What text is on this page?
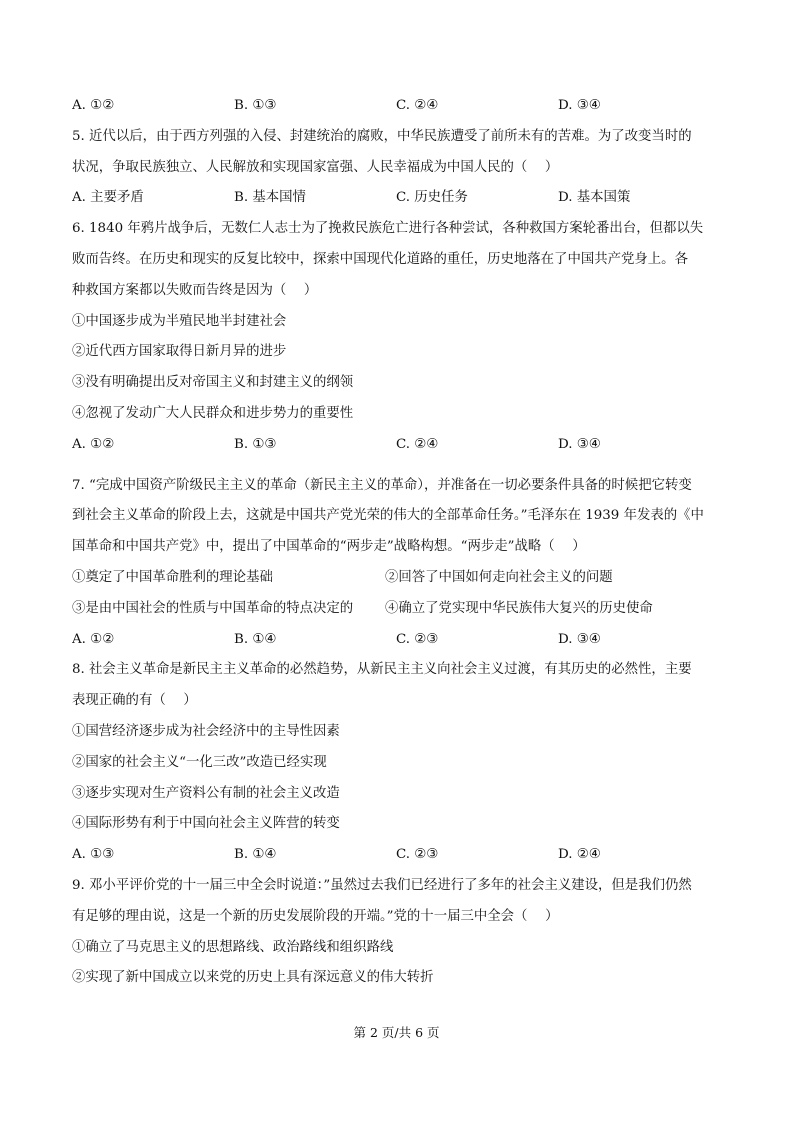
A. ①②	B. ①③	C. ②④	D. ③④
5. 近代以后，由于西方列强的入侵、封建统治的腐败，中华民族遭受了前所未有的苦难。为了改变当时的
状况，争取民族独立、人民解放和实现国家富强、人民幸福成为中国人民的（　 ）
A. 主要矛盾	B. 基本国情	C. 历史任务	D. 基本国策
6. 1840 年鸦片战争后，无数仁人志士为了挽救民族危亡进行各种尝试，各种救国方案轮番出台，但都以失
败而告终。在历史和现实的反复比较中，探索中国现代化道路的重任，历史地落在了中国共产党身上。各
种救国方案都以失败而告终是因为（　 ）
①中国逐步成为半殖民地半封建社会
②近代西方国家取得日新月异的进步
③没有明确提出反对帝国主义和封建主义的纲领
④忽视了发动广大人民群众和进步势力的重要性
A. ①②	B. ①③	C. ②④	D. ③④
7. “完成中国资产阶级民主主义的革命（新民主主义的革命），并准备在一切必要条件具备的时候把它转变
到社会主义革命的阶段上去，这就是中国共产党光荣的伟大的全部革命任务。”毛泽东在 1939 年发表的《中
国革命和中国共产党》中，提出了中国革命的“两步走”战略构想。“两步走”战略（　 ）
①奠定了中国革命胜利的理论基础	②回答了中国如何走向社会主义的问题
③是由中国社会的性质与中国革命的特点决定的	④确立了党实现中华民族伟大复兴的历史使命
A. ①②	B. ①④	C. ②③	D. ③④
8. 社会主义革命是新民主主义革命的必然趋势，从新民主主义向社会主义过渡，有其历史的必然性，主要
表现正确的有（　 ）
①国营经济逐步成为社会经济中的主导性因素
②国家的社会主义“一化三改”改造已经实现
③逐步实现对生产资料公有制的社会主义改造
④国际形势有利于中国向社会主义阵营的转变
A. ①③	B. ①④	C. ②③	D. ②④
9. 邓小平评价党的十一届三中全会时说道：”虽然过去我们已经进行了多年的社会主义建设，但是我们仍然
有足够的理由说，这是一个新的历史发展阶段的开端。”党的十一届三中全会（　 ）
①确立了马克思主义的思想路线、政治路线和组织路线
②实现了新中国成立以来党的历史上具有深远意义的伟大转折
第 2 页/共 6 页
